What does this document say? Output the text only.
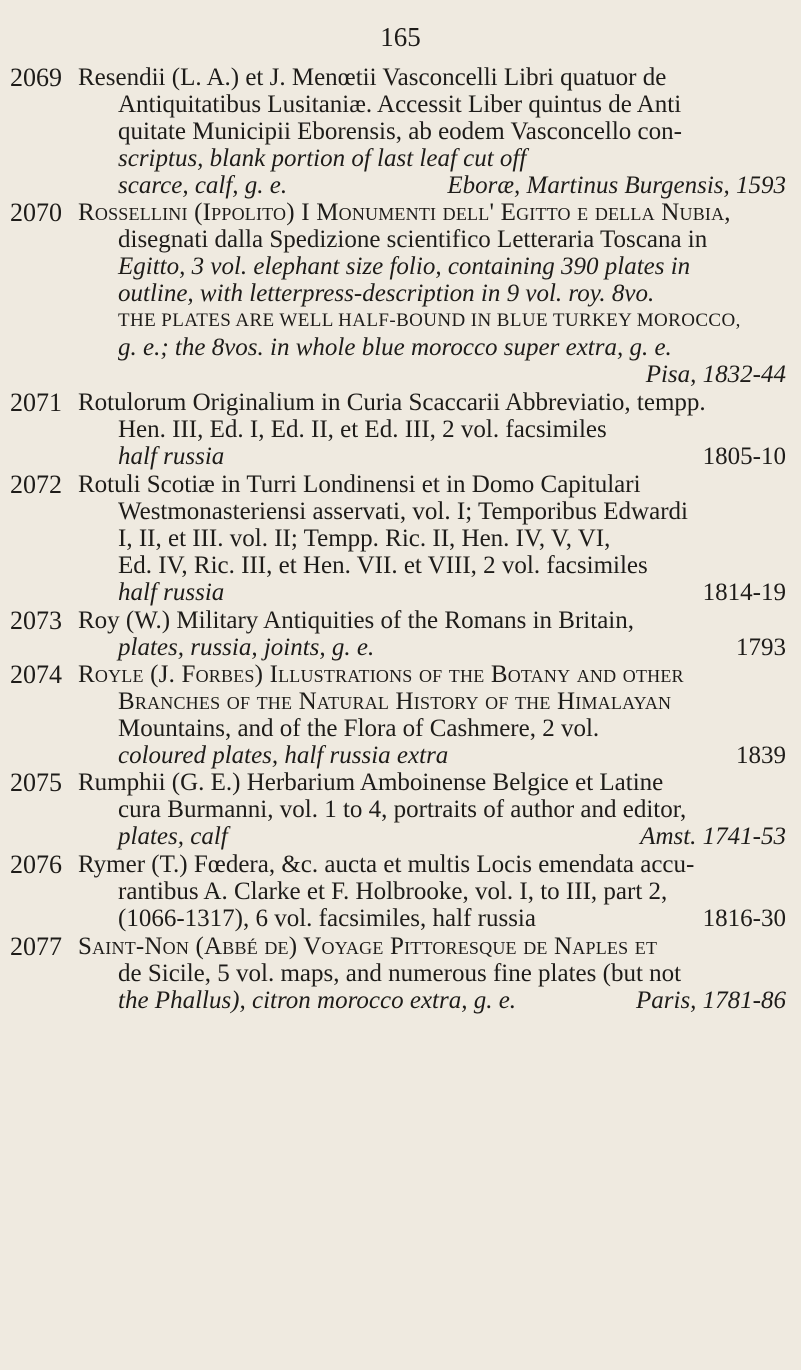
165
2069 Resendii (L. A.) et J. Menœtii Vasconcelli Libri quatuor de
Antiquitatibus Lusitaniæ. Accessit Liber quintus de Anti
quitate Municipii Eborensis, ab eodem Vasconcello con-
scriptus, blank portion of last leaf cut off
scarce, calf, g. e.	Eboræ, Martinus Burgensis, 1593
2070 Rossellini (Ippolito) I Monumenti dell' Egitto e della Nubia,
disegnati dalla Spedizione scientifico Letteraria Toscana in
Egitto, 3 vol. elephant size folio, containing 390 plates in
outline, with letterpress-description in 9 vol. roy. 8vo.
THE PLATES ARE WELL HALF-BOUND IN BLUE TURKEY MOROCCO,
g. e.; the 8vos. in whole blue morocco super extra, g. e.
Pisa, 1832-44
2071 Rotulorum Originalium in Curia Scaccarii Abbreviatio, tempp.
Hen. III, Ed. I, Ed. II, et Ed. III, 2 vol. facsimiles
half russia	1805-10
2072 Rotuli Scotiæ in Turri Londinensi et in Domo Capitulari
Westmonasteriensi asservati, vol. I; Temporibus Edwardi
I, II, et III. vol. II; Tempp. Ric. II, Hen. IV, V, VI,
Ed. IV, Ric. III, et Hen. VII. et VIII, 2 vol. facsimiles
half russia	1814-19
2073 Roy (W.) Military Antiquities of the Romans in Britain,
plates, russia, joints, g. e.	1793
2074 Royle (J. Forbes) Illustrations of the Botany and other
Branches of the Natural History of the Himalayan
Mountains, and of the Flora of Cashmere, 2 vol.
coloured plates, half russia extra	1839
2075 Rumphii (G. E.) Herbarium Amboinense Belgice et Latine
cura Burmanni, vol. 1 to 4, portraits of author and editor,
plates, calf	Amst. 1741-53
2076 Rymer (T.) Fœdera, &c. aucta et multis Locis emendata accu-
rantibus A. Clarke et F. Holbrooke, vol. I, to III, part 2,
(1066-1317), 6 vol. facsimiles, half russia	1816-30
2077 Saint-Non (Abbé de) Voyage Pittoresque de Naples et
de Sicile, 5 vol. maps, and numerous fine plates (but not
the Phallus), citron morocco extra, g. e.	Paris, 1781-86
